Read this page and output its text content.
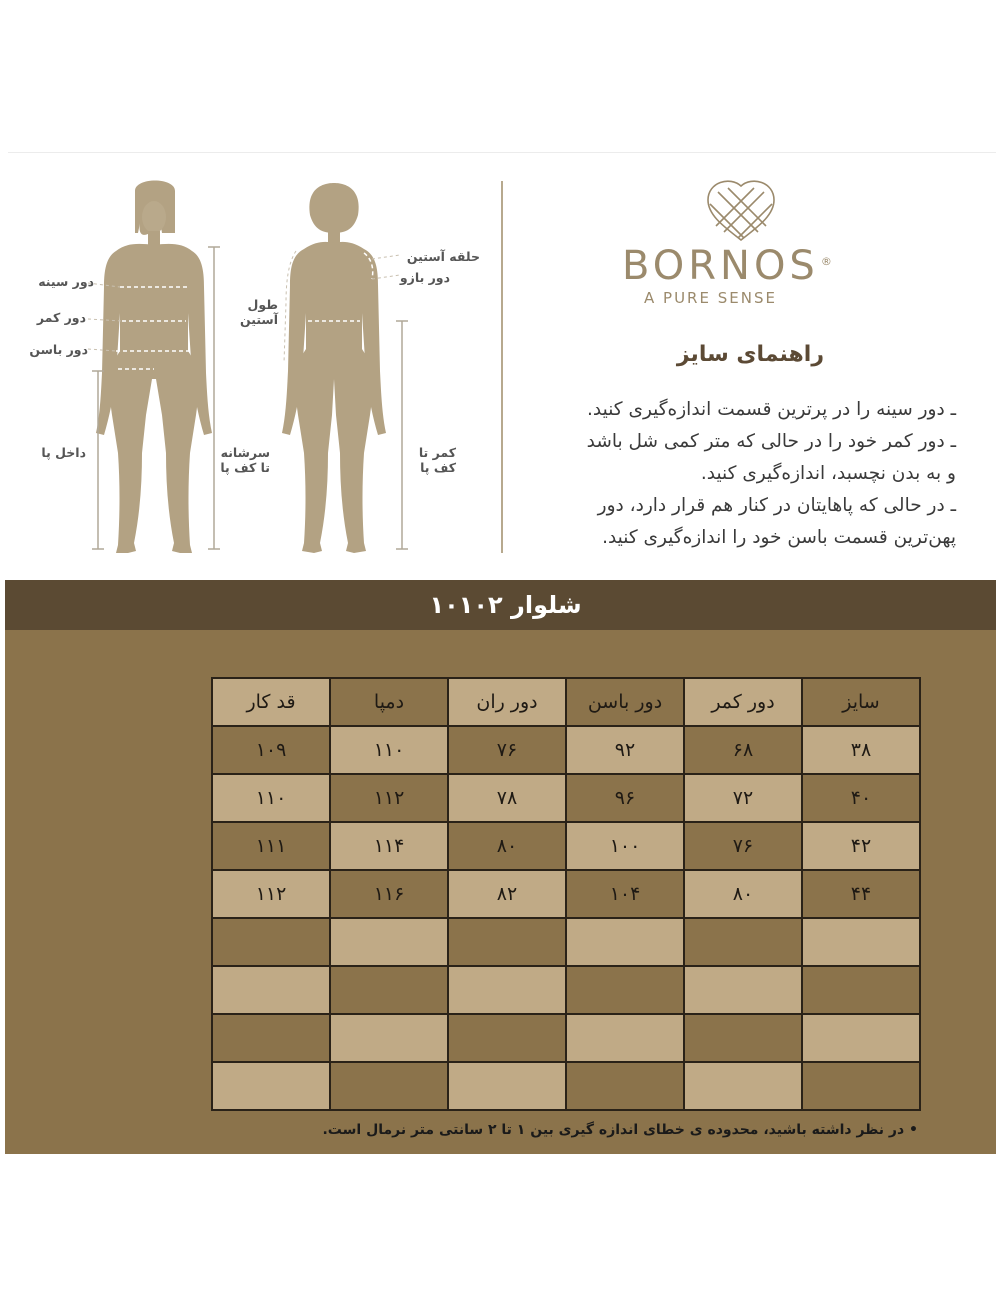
دور سینه
دور کمر
دور باسن
داخل پا	سرشانه
تا کف پا
حلقه آستین
دور بازو
طول
آستین
کمر تا
کف پا
BORNOS ®
A PURE SENSE
راهنمای سایز

ـ دور سینه را در پرترین قسمت اندازه‌گیری کنید.

ـ دور کمر خود را در حالی که متر کمی شل باشد

و به بدن نچسبد، اندازه‌گیری کنید.

ـ در حالی که پاهایتان در کنار هم قرار دارد، دور

پهن‌ترین قسمت باسن خود را اندازه‌گیری کنید.

شلوار ۱۰۱۰۲
سایز	دور کمر	دور باسن	دور ران	دمپا	قد کار
۳۸	۶۸	۹۲	۷۶	۱۱۰	۱۰۹
۴۰	۷۲	۹۶	۷۸	۱۱۲	۱۱۰
۴۲	۷۶	۱۰۰	۸۰	۱۱۴	۱۱۱
۴۴	۸۰	۱۰۴	۸۲	۱۱۶	۱۱۲

• در نظر داشته باشید، محدوده ی خطای اندازه گیری بین ۱ تا ۲ سانتی متر نرمال است.
